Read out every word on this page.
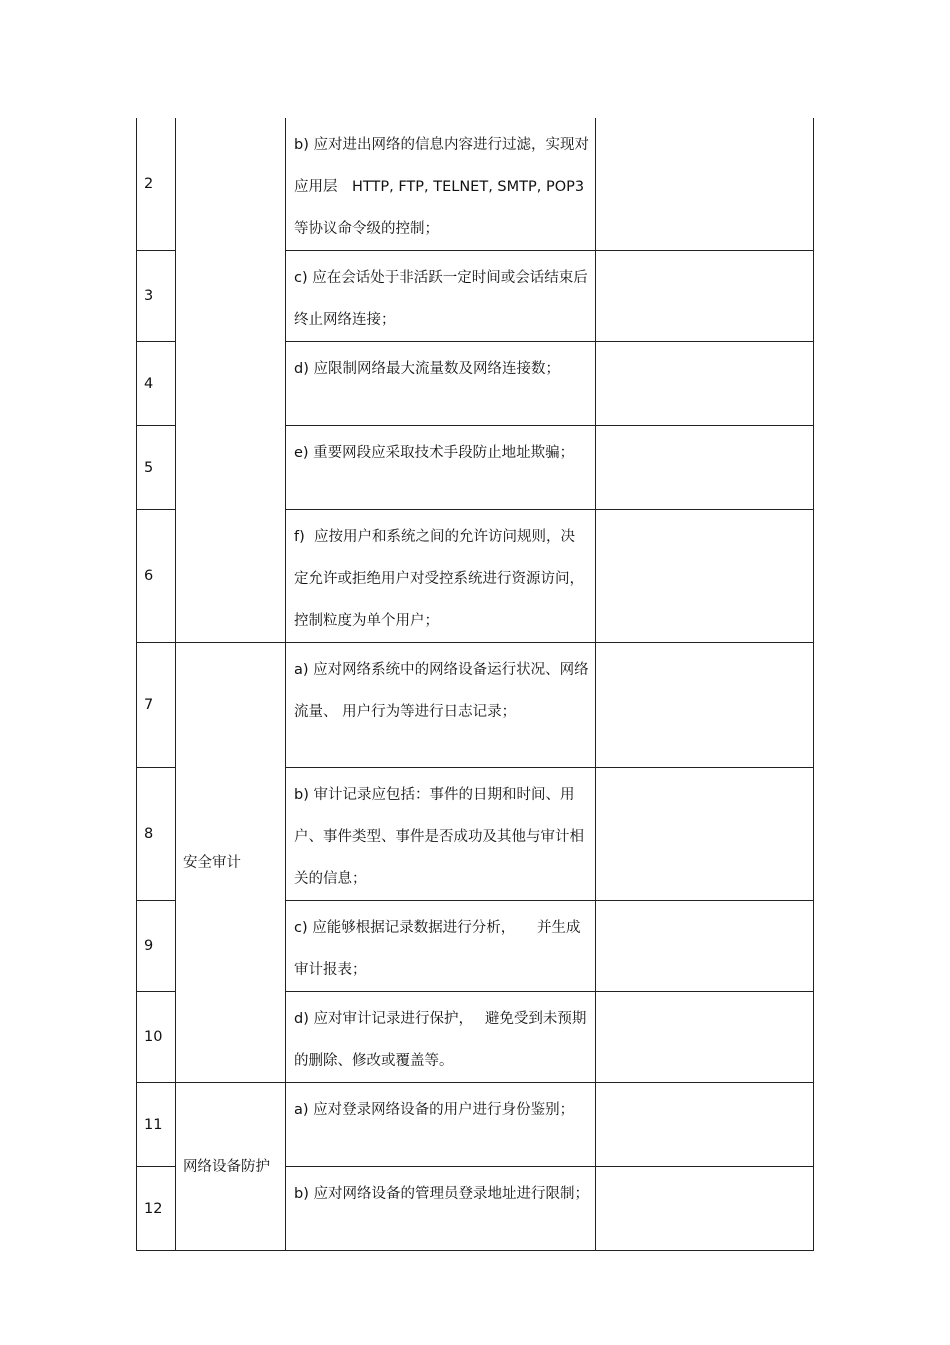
2		b) 应对进出网络的信息内容进行过滤，实现对应用层　HTTP, FTP, TELNET, SMTP, POP3等协议命令级的控制；	

3		c) 应在会话处于非活跃一定时间或会话结束后终止网络连接；	

4		d) 应限制网络最大流量数及网络连接数；	

5		e) 重要网段应采取技术手段防止地址欺骗；	

6		f)  应按用户和系统之间的允许访问规则，决定允许或拒绝用户对受控系统进行资源访问，控制粒度为单个用户；	

7	安全审计	a) 应对网络系统中的网络设备运行状况、网络流量、 用户行为等进行日志记录；	

8		b) 审计记录应包括：事件的日期和时间、用户、事件类型、事件是否成功及其他与审计相关的信息；	

9		c) 应能够根据记录数据进行分析，　　并生成审计报表；	

10		d) 应对审计记录进行保护，　 避免受到未预期的删除、修改或覆盖等。	

11	网络设备防护	a) 应对登录网络设备的用户进行身份鉴别；	

12		b) 应对网络设备的管理员登录地址进行限制；	
